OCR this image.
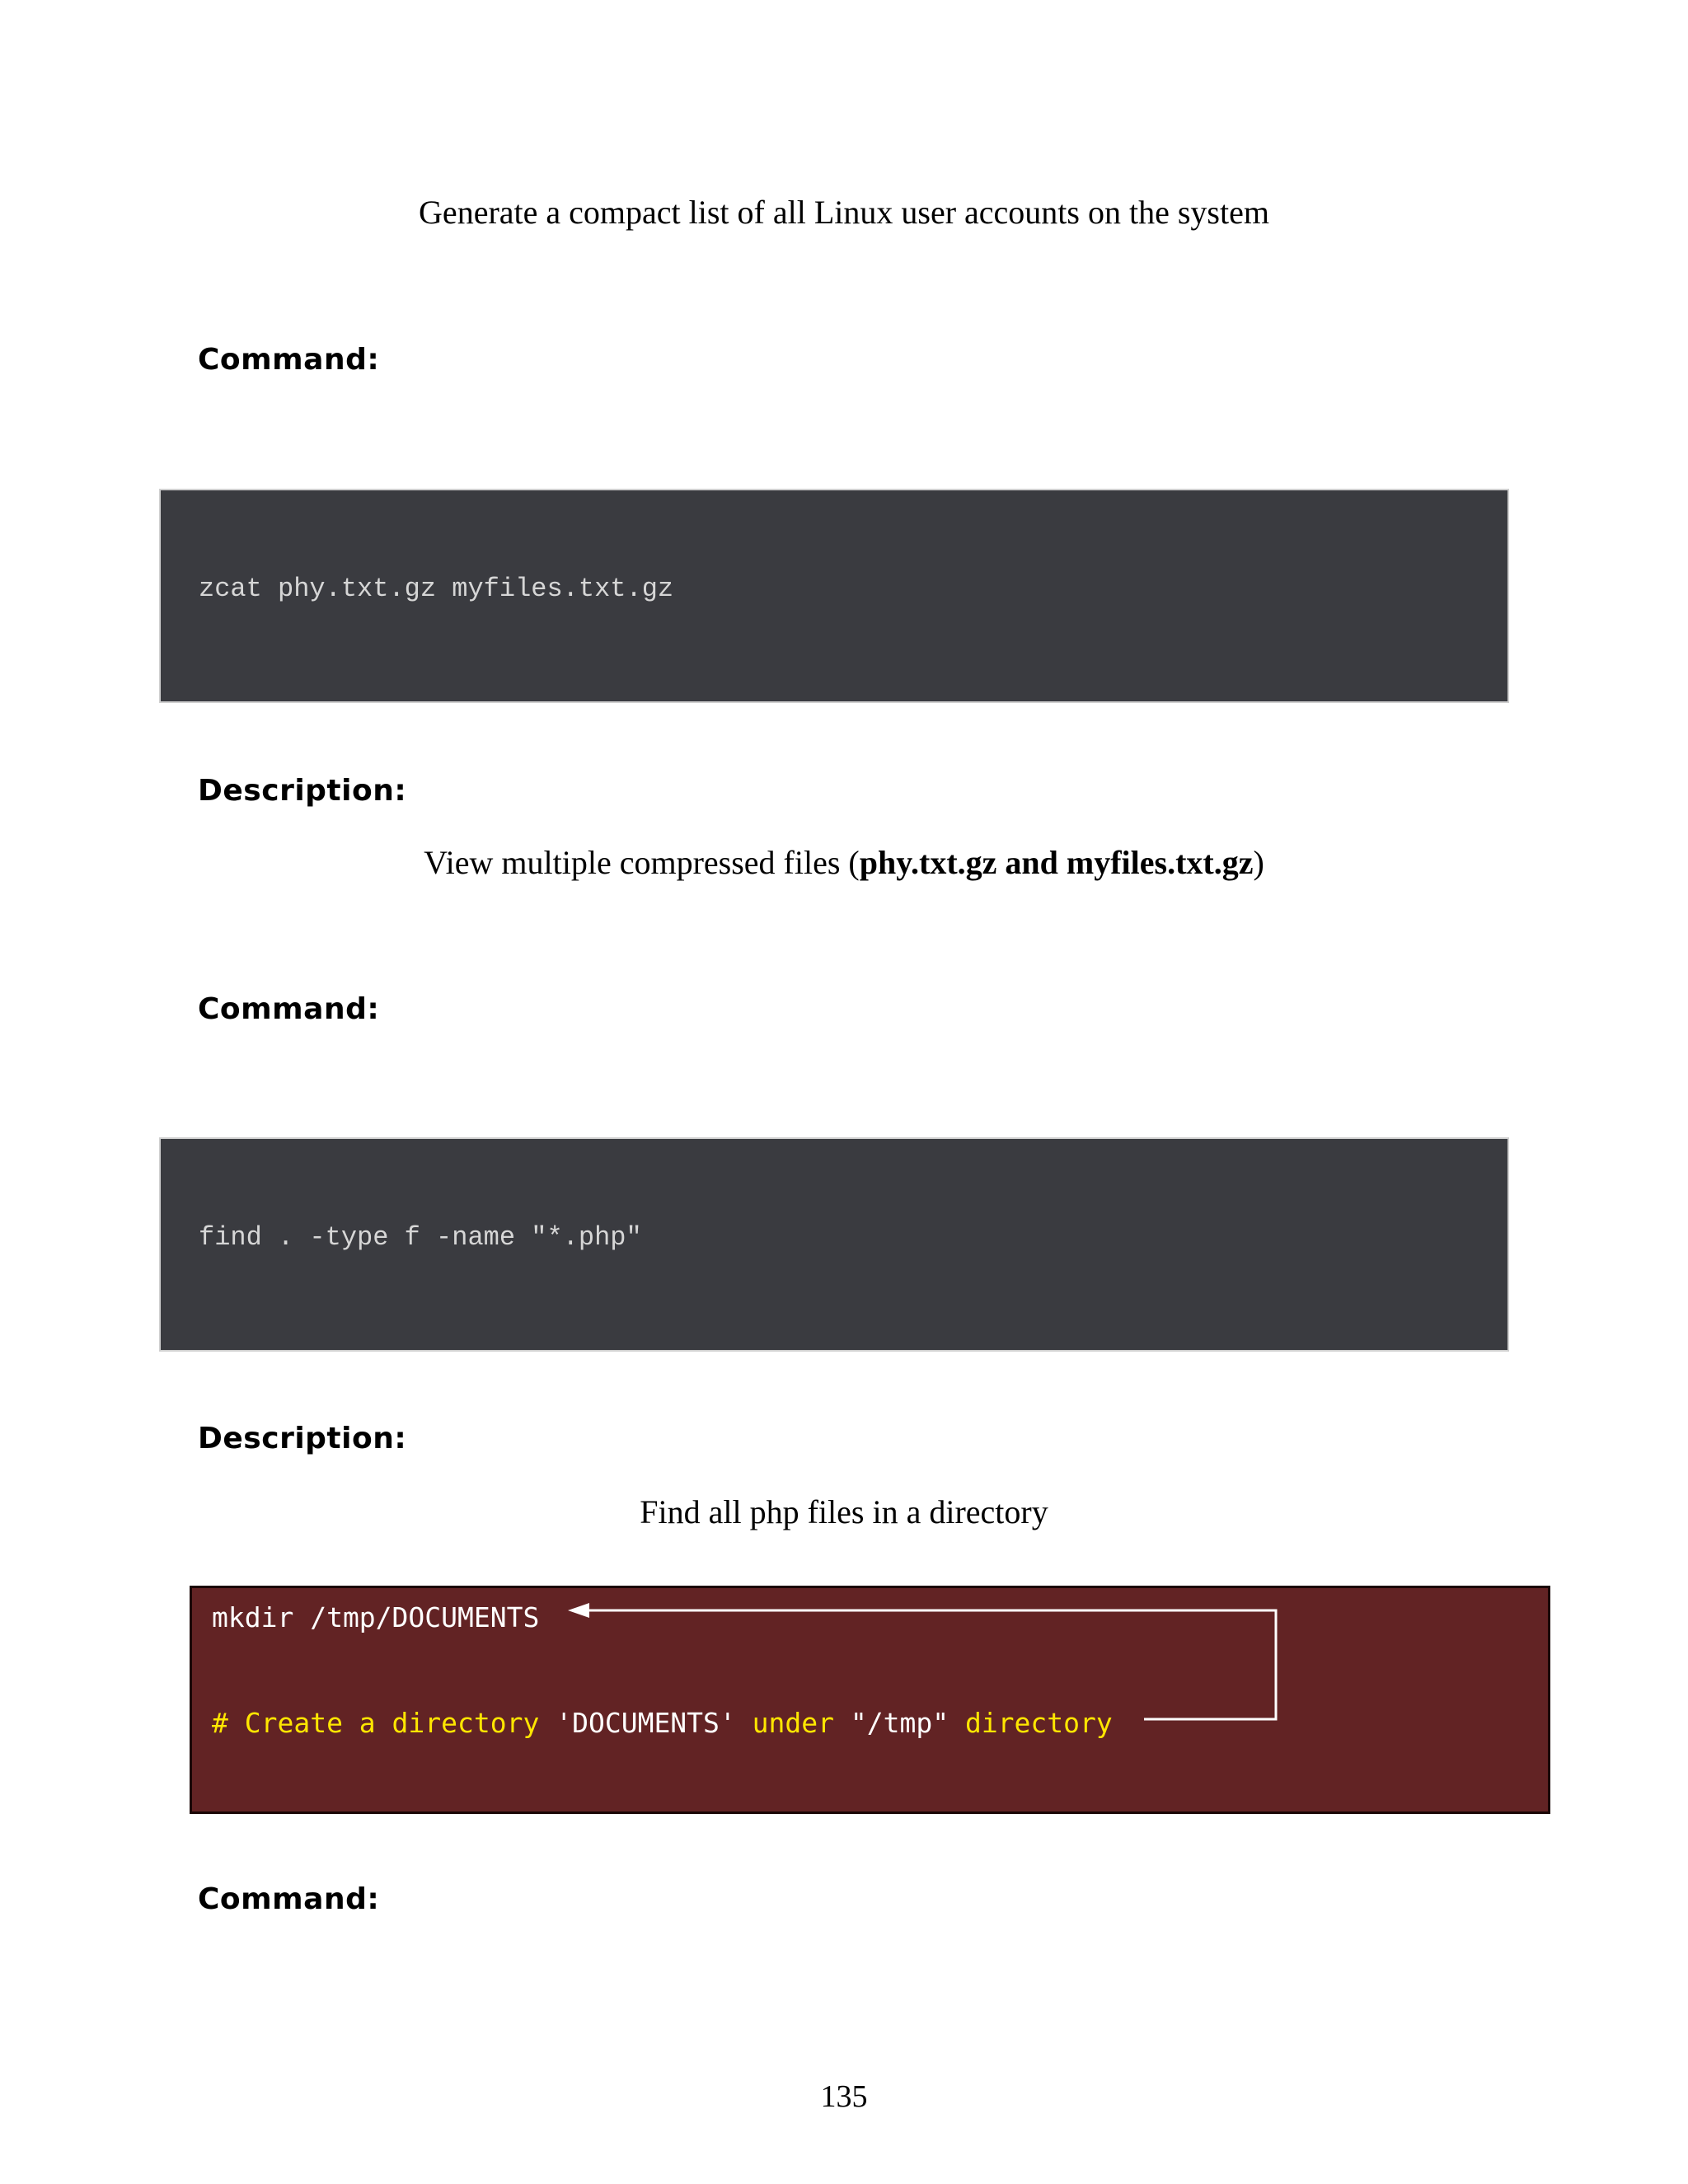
Generate a compact list of all Linux user accounts on the system
Command:
zcat phy.txt.gz myfiles.txt.gz
Description:
View multiple compressed files (phy.txt.gz and myfiles.txt.gz)
Command:
find . -type f -name "*.php"
Description:
Find all php files in a directory
mkdir /tmp/DOCUMENTS
# Create a directory 'DOCUMENTS' under "/tmp" directory
Command:
135
